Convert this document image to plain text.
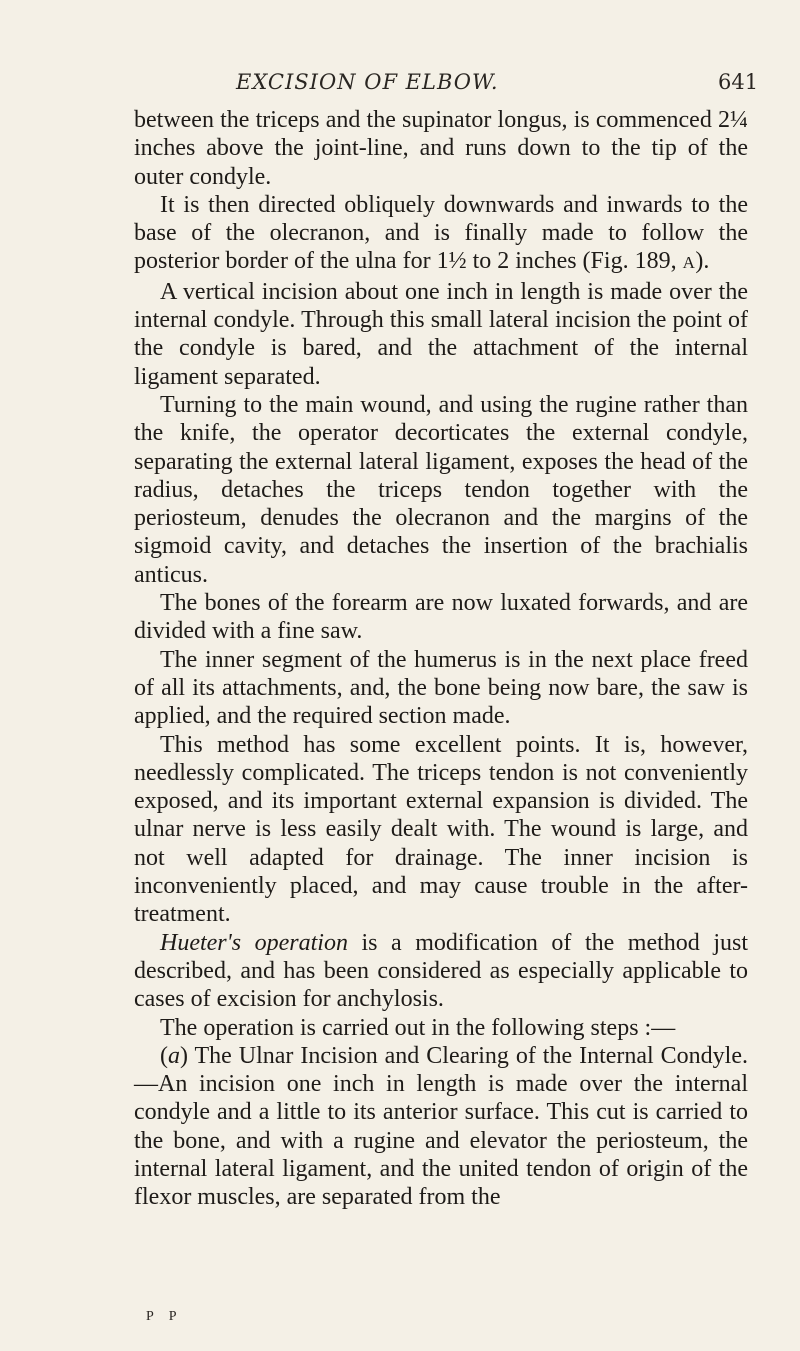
EXCISION OF ELBOW.	641

between the triceps and the supinator longus, is commenced 2¼ inches above the joint-line, and runs down to the tip of the outer condyle.

It is then directed obliquely downwards and inwards to the base of the olecranon, and is finally made to follow the posterior border of the ulna for 1½ to 2 inches (Fig. 189, A).

A vertical incision about one inch in length is made over the internal condyle. Through this small lateral incision the point of the condyle is bared, and the attachment of the internal ligament separated.

Turning to the main wound, and using the rugine rather than the knife, the operator decorticates the external condyle, separating the external lateral ligament, exposes the head of the radius, detaches the triceps tendon together with the periosteum, denudes the olecranon and the margins of the sigmoid cavity, and detaches the insertion of the brachialis anticus.

The bones of the forearm are now luxated forwards, and are divided with a fine saw.

The inner segment of the humerus is in the next place freed of all its attachments, and, the bone being now bare, the saw is applied, and the required section made.

This method has some excellent points. It is, however, needlessly complicated. The triceps tendon is not conveniently exposed, and its important external expansion is divided. The ulnar nerve is less easily dealt with. The wound is large, and not well adapted for drainage. The inner incision is inconveniently placed, and may cause trouble in the after-treatment.

Hueter's operation is a modification of the method just described, and has been considered as especially applicable to cases of excision for anchylosis.

The operation is carried out in the following steps :—

(a) The Ulnar Incision and Clearing of the Internal Condyle.—An incision one inch in length is made over the internal condyle and a little to its anterior surface. This cut is carried to the bone, and with a rugine and elevator the periosteum, the internal lateral ligament, and the united tendon of origin of the flexor muscles, are separated from the

P P
